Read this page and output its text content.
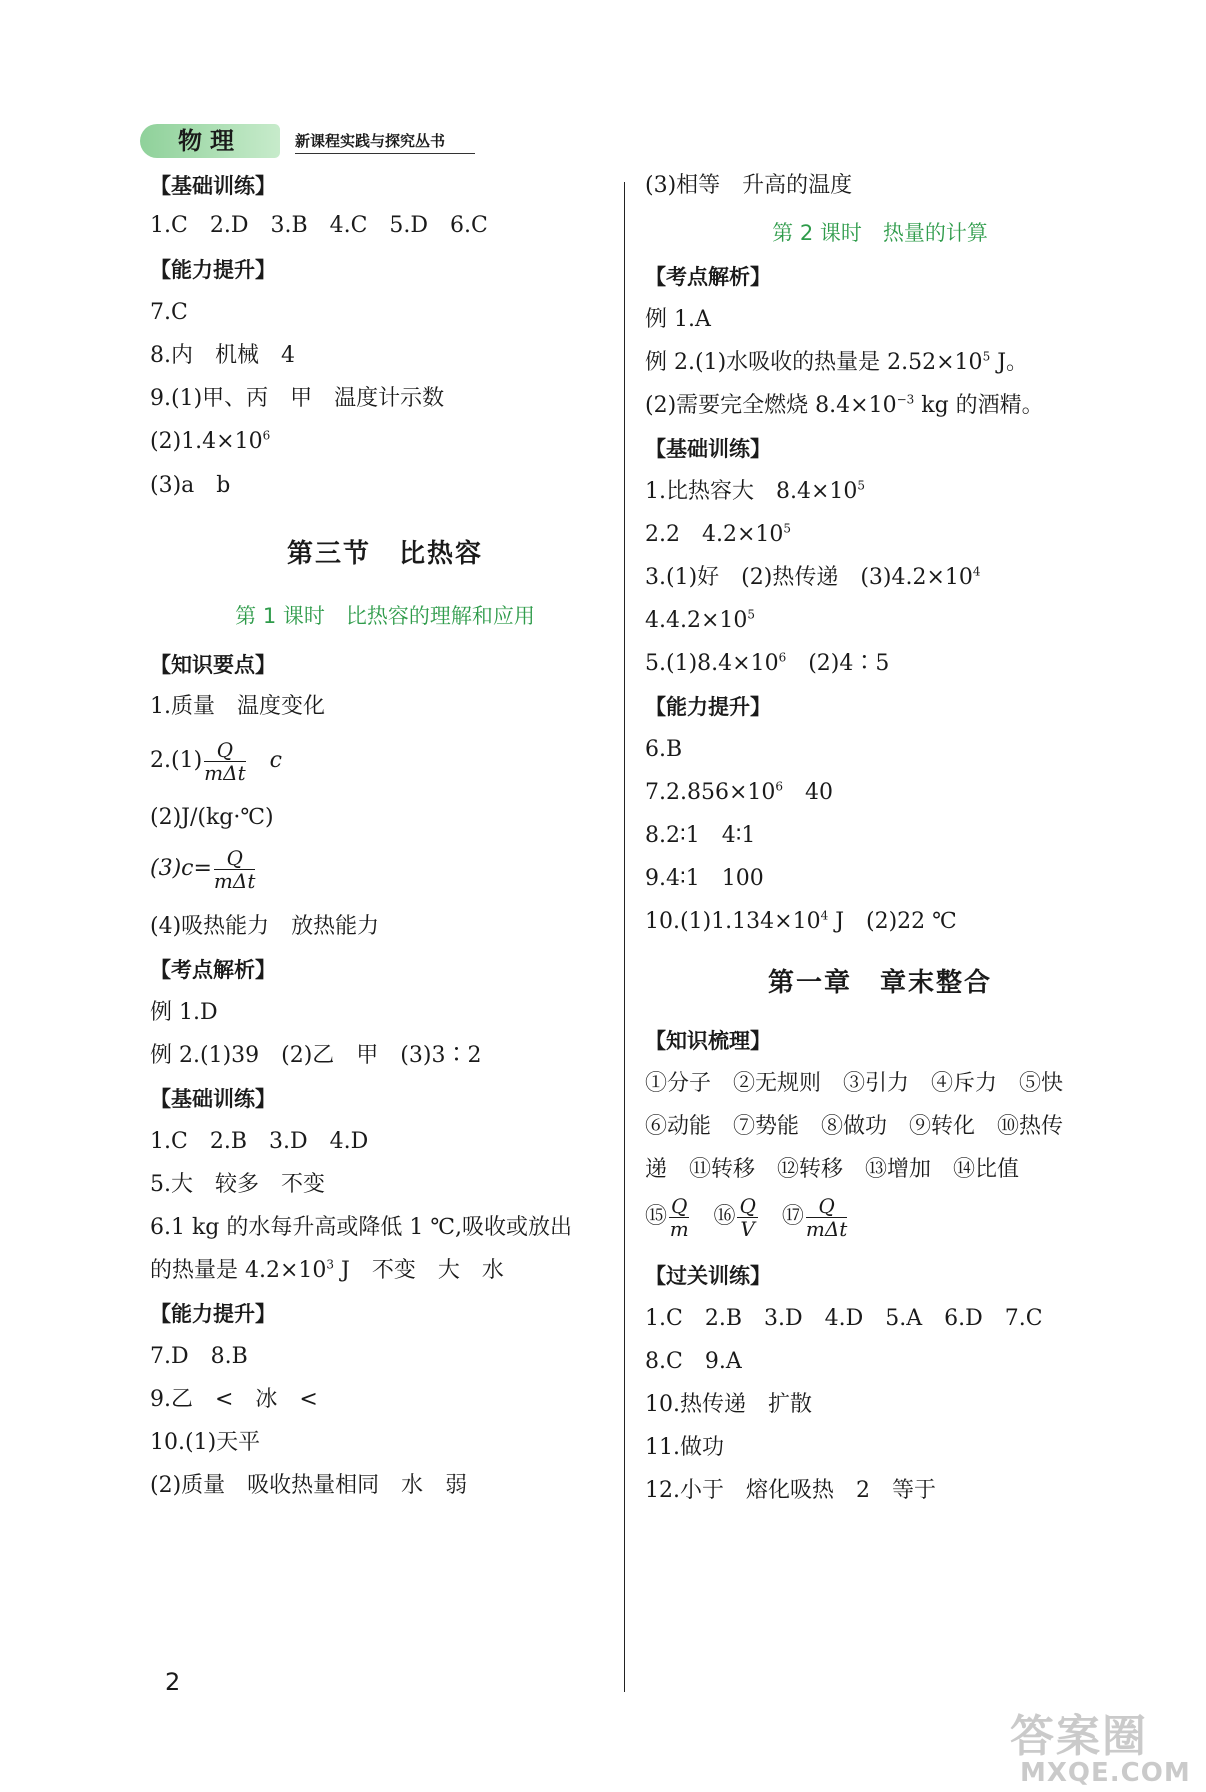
物理	新课程实践与探究丛书
【基础训练】
1.C　2.D　3.B　4.C　5.D　6.C
【能力提升】
7.C
8.内　机械　4
9.(1)甲、丙　甲　温度计示数
$(2)1.4\times 10^6$
(3)a　b
第三节　比热容
第 1 课时　比热容的理解和应用
【知识要点】
1.质量　温度变化
$2.(1) \frac{Q}{\text{mΔt}}$
　 c
(2)J/(kg·℃)
$(3)c= \frac{Q}{\text{mΔt}}$
(4)吸热能力　放热能力
【考点解析】
例 1.D
例 2.(1)39　(2)乙　甲　(3)3∶2
【基础训练】
1.C　2.B　3.D　4.D
5.大　较多　不变
6.1 kg 的水每升高或降低 1 ℃,吸收或放出
的热量是 $4.2\times 10^3$ J　不变　大　水
【能力提升】
7.D　8.B
9.乙　<　冰　<
10.(1)天平
(2)质量　吸收热量相同　水　弱
(3)相等　升高的温度
第 2 课时　热量的计算
【考点解析】
例 1.A
例 2.(1)水吸收的热量是 $2.52\times 10^5$ J。
(2)需要完全燃烧 $8.4\times 10^{-3}$ kg 的酒精。
【基础训练】
1.比热容大　$8.4\times 10^5$
2.2　$4.2\times 10^5$
3.(1)好　(2)热传递　$(3)4.2\times 10^4$
$4.4.2\times 10^5$
$5.(1)8.4\times 10^6$　(2)4∶5
【能力提升】
6.B
$7.2.856\times 10^6$　40
8.2∶1　4∶1
9.4∶1　100
$10.(1)1.134\times 10^4$ J　(2)22 ℃
第一章　章末整合
【知识梳理】
①分子　②无规则　③引力　④斥力　⑤快
⑥动能　⑦势能　⑧做功　⑨转化　⑩热传
递　⑪转移　⑫转移　⑬增加　⑭比值
⑮ $\frac{Q}{m}$
　 ⑯ $\frac{Q}{V}$
　 ⑰ $\frac{Q}{\text{mΔt}}$
【过关训练】
1.C　2.B　3.D　4.D　5.A　6.D　7.C
8.C　9.A
10.热传递　扩散
11.做功
12.小于　熔化吸热　2　等于
2
答案圈
MXQE.COM
